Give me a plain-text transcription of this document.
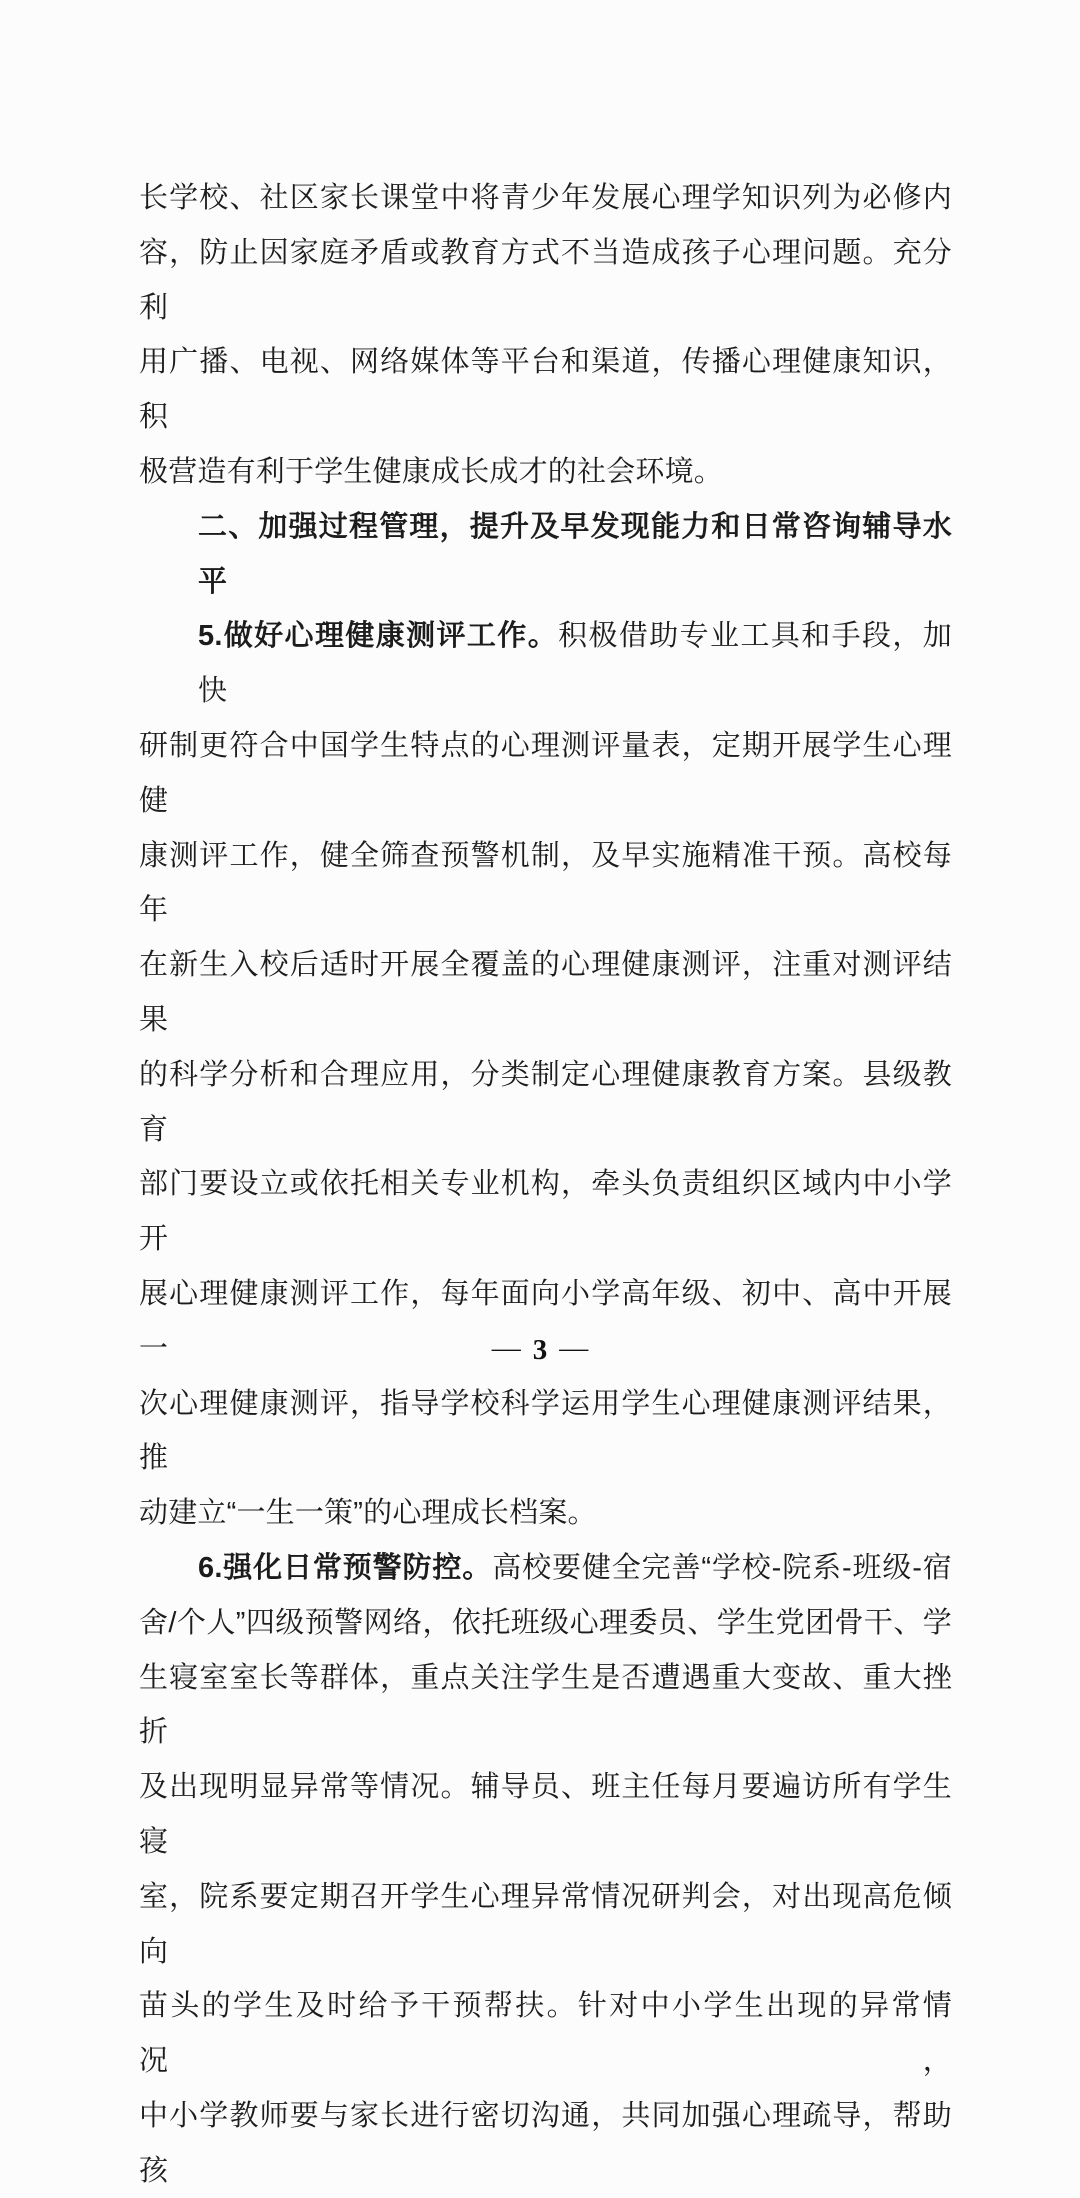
长学校、社区家长课堂中将青少年发展心理学知识列为必修内
容，防止因家庭矛盾或教育方式不当造成孩子心理问题。充分利
用广播、电视、网络媒体等平台和渠道，传播心理健康知识，积
极营造有利于学生健康成长成才的社会环境。
二、加强过程管理，提升及早发现能力和日常咨询辅导水平
5.做好心理健康测评工作。积极借助专业工具和手段，加快
研制更符合中国学生特点的心理测评量表，定期开展学生心理健
康测评工作，健全筛查预警机制，及早实施精准干预。高校每年
在新生入校后适时开展全覆盖的心理健康测评，注重对测评结果
的科学分析和合理应用，分类制定心理健康教育方案。县级教育
部门要设立或依托相关专业机构，牵头负责组织区域内中小学开
展心理健康测评工作，每年面向小学高年级、初中、高中开展一
次心理健康测评，指导学校科学运用学生心理健康测评结果，推
动建立“一生一策”的心理成长档案。
6.强化日常预警防控。高校要健全完善“学校-院系-班级-宿
舍/个人”四级预警网络，依托班级心理委员、学生党团骨干、学
生寝室室长等群体，重点关注学生是否遭遇重大变故、重大挫折
及出现明显异常等情况。辅导员、班主任每月要遍访所有学生寝
室，院系要定期召开学生心理异常情况研判会，对出现高危倾向
苗头的学生及时给予干预帮扶。针对中小学生出现的异常情况，
中小学教师要与家长进行密切沟通，共同加强心理疏导，帮助孩
— 3 —
